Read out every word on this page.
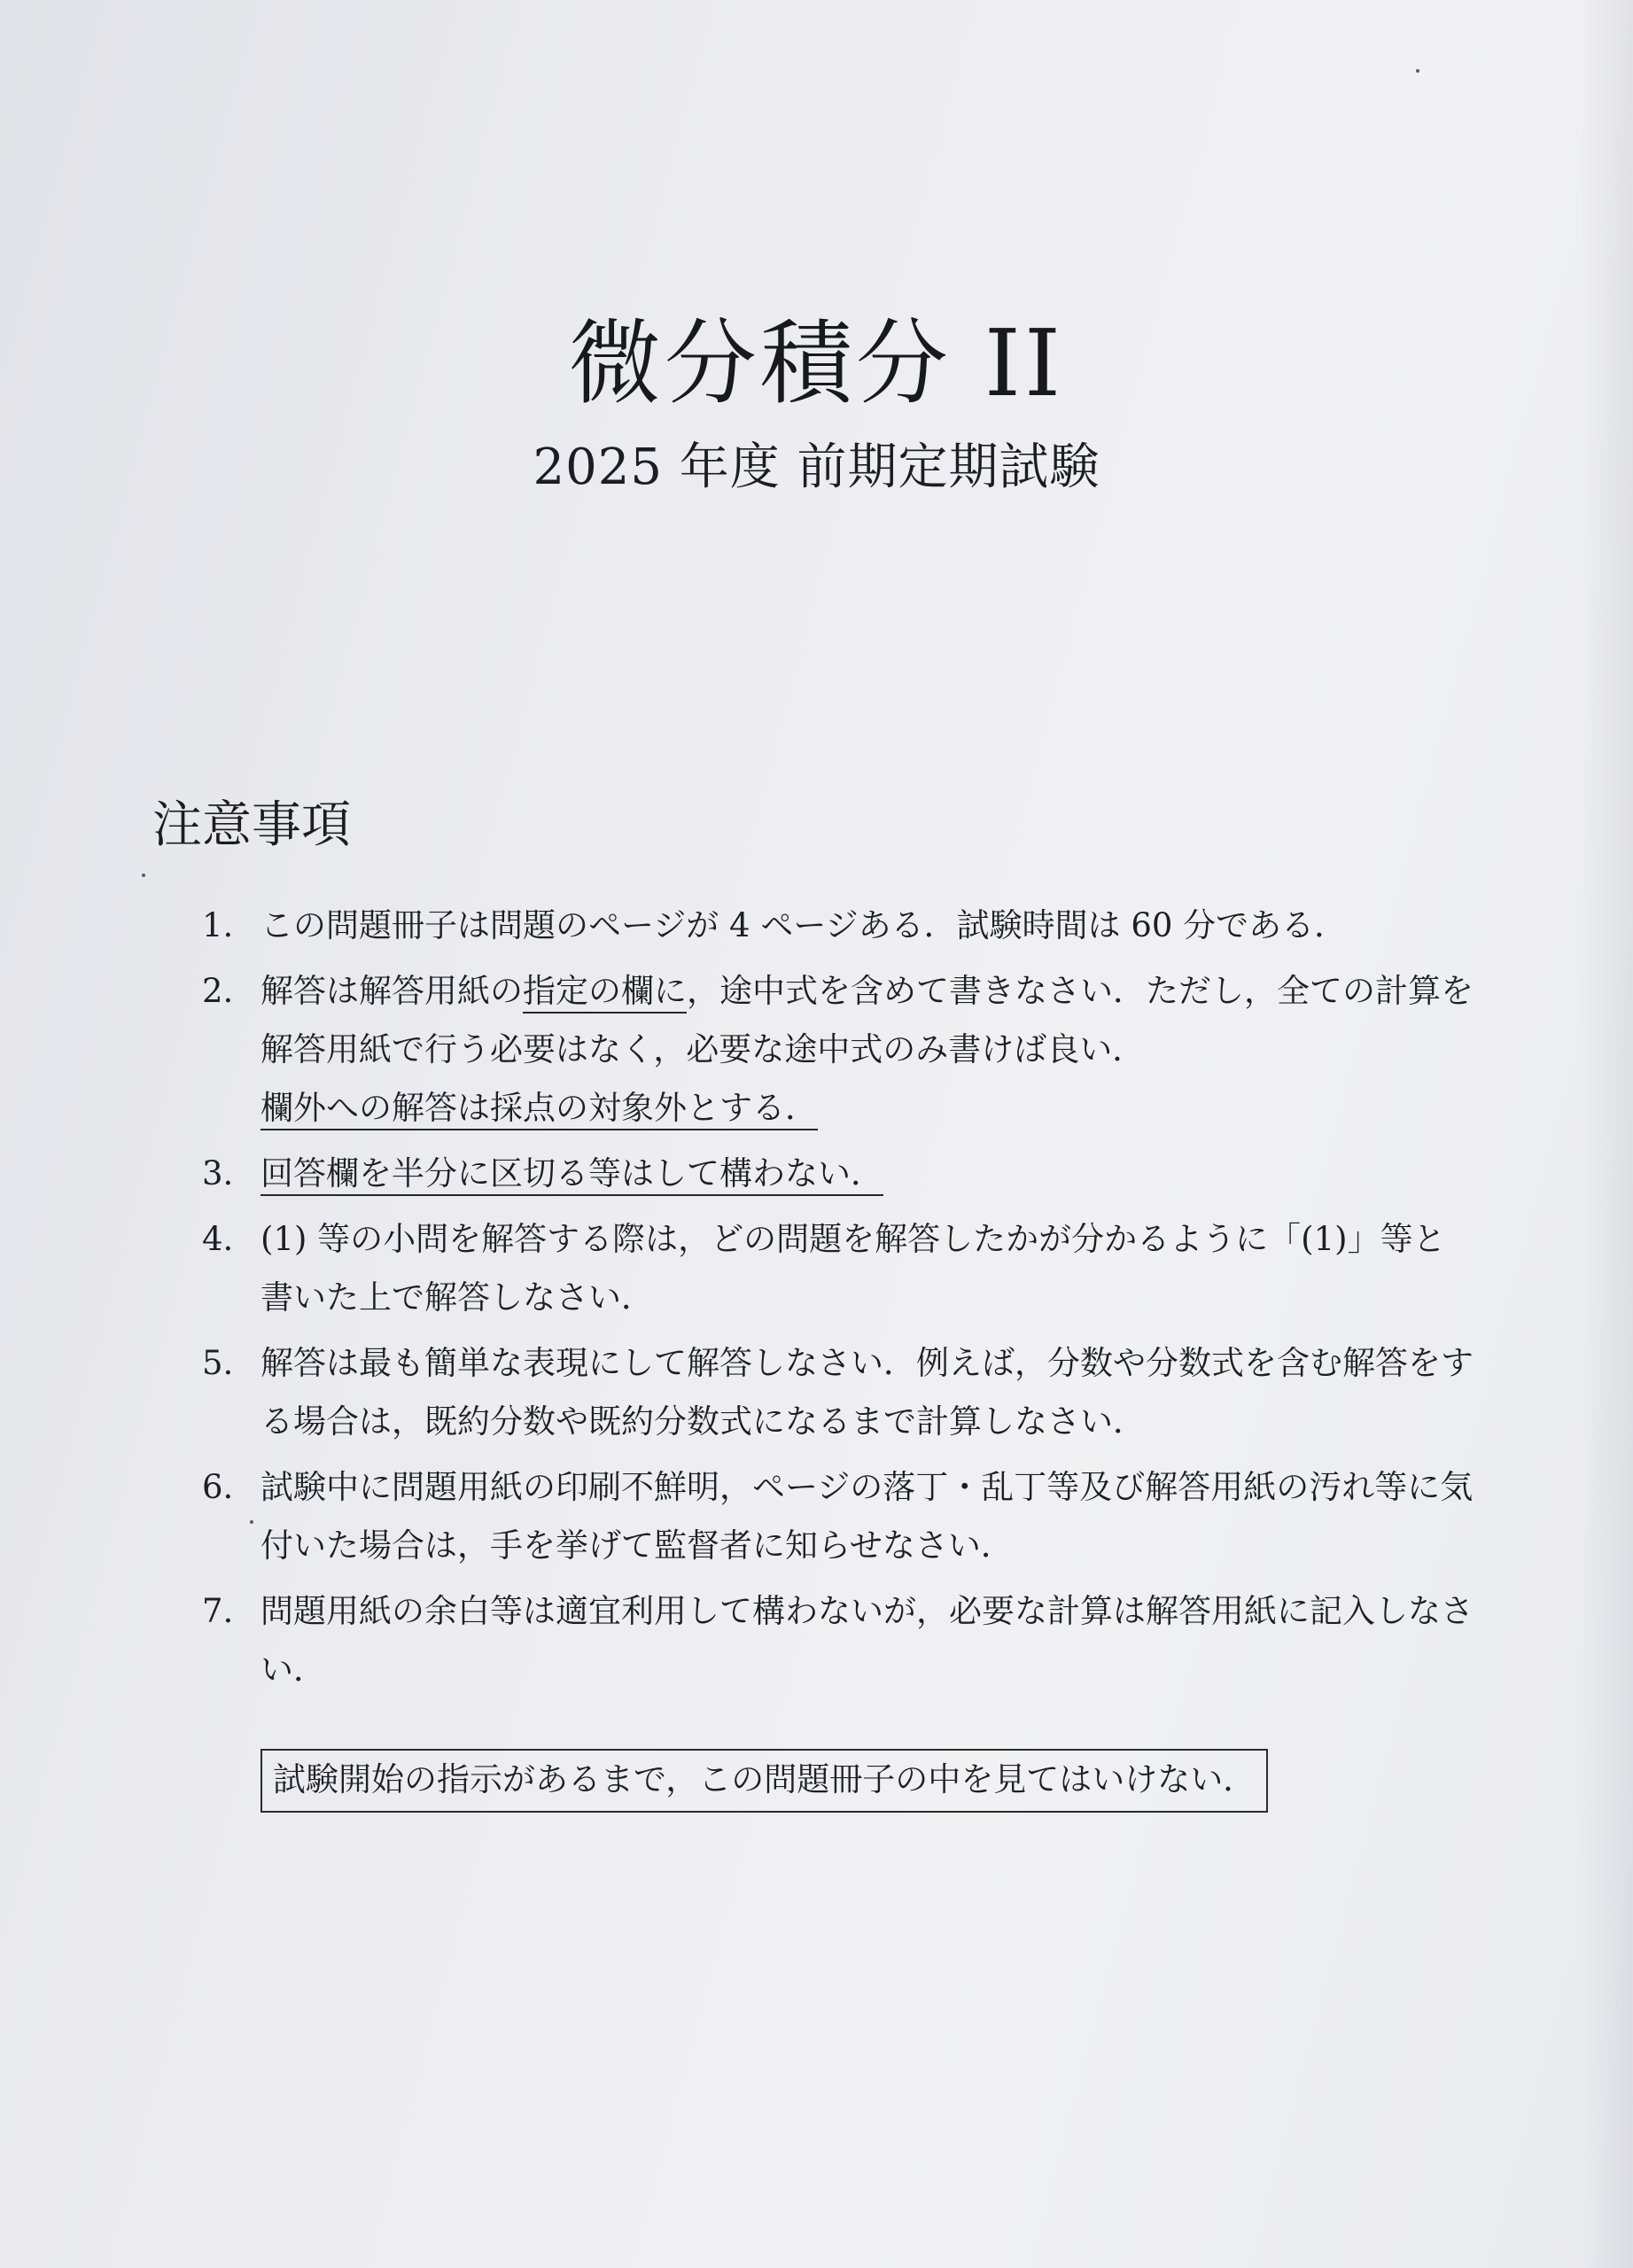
微分積分 II
2025 年度 前期定期試験
注意事項
1. この問題冊子は問題のページが 4 ページある．試験時間は 60 分である．
2. 解答は解答用紙の指定の欄に，途中式を含めて書きなさい．ただし，全ての計算を解答用紙で行う必要はなく，必要な途中式のみ書けば良い．
欄外への解答は採点の対象外とする．
3. 回答欄を半分に区切る等はして構わない．
4. (1) 等の小問を解答する際は，どの問題を解答したかが分かるように「(1)」等と書いた上で解答しなさい．
5. 解答は最も簡単な表現にして解答しなさい．例えば，分数や分数式を含む解答をする場合は，既約分数や既約分数式になるまで計算しなさい．
6. 試験中に問題用紙の印刷不鮮明，ページの落丁・乱丁等及び解答用紙の汚れ等に気付いた場合は，手を挙げて監督者に知らせなさい．
7. 問題用紙の余白等は適宜利用して構わないが，必要な計算は解答用紙に記入しなさい．
試験開始の指示があるまで，この問題冊子の中を見てはいけない．
